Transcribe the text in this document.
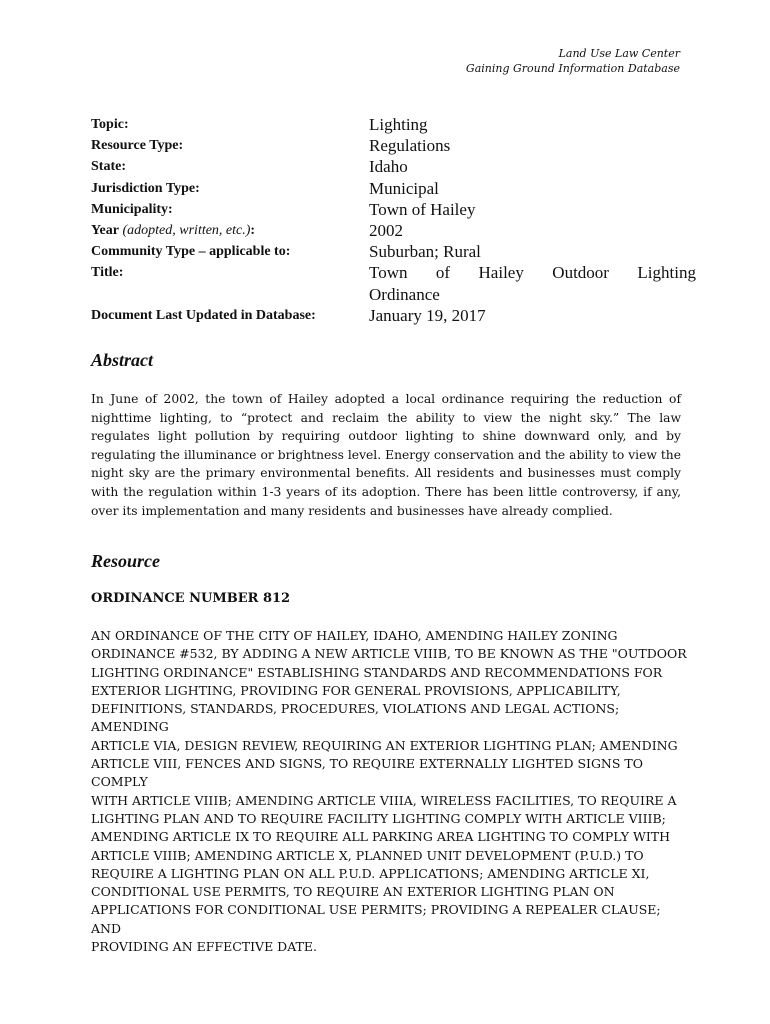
Land Use Law Center
Gaining Ground Information Database
Topic:	Lighting
Resource Type:	Regulations
State:	Idaho
Jurisdiction Type:	Municipal
Municipality:	Town of Hailey
Year (adopted, written, etc.):	2002
Community Type – applicable to:	Suburban; Rural
Title:	Town of Hailey Outdoor Lighting
Ordinance
Document Last Updated in Database:	January 19, 2017
Abstract
In June of 2002, the town of Hailey adopted a local ordinance requiring the reduction of nighttime lighting, to “protect and reclaim the ability to view the night sky.” The law regulates light pollution by requiring outdoor lighting to shine downward only, and by regulating the illuminance or brightness level. Energy conservation and the ability to view the night sky are the primary environmental benefits. All residents and businesses must comply with the regulation within 1-3 years of its adoption. There has been little controversy, if any, over its implementation and many residents and businesses have already complied.
Resource
ORDINANCE NUMBER 812
AN ORDINANCE OF THE CITY OF HAILEY, IDAHO, AMENDING HAILEY ZONING
ORDINANCE #532, BY ADDING A NEW ARTICLE VIIIB, TO BE KNOWN AS THE "OUTDOOR
LIGHTING ORDINANCE" ESTABLISHING STANDARDS AND RECOMMENDATIONS FOR
EXTERIOR LIGHTING, PROVIDING FOR GENERAL PROVISIONS, APPLICABILITY,
DEFINITIONS, STANDARDS, PROCEDURES, VIOLATIONS AND LEGAL ACTIONS; AMENDING
ARTICLE VIA, DESIGN REVIEW, REQUIRING AN EXTERIOR LIGHTING PLAN; AMENDING
ARTICLE VIII, FENCES AND SIGNS, TO REQUIRE EXTERNALLY LIGHTED SIGNS TO COMPLY
WITH ARTICLE VIIIB; AMENDING ARTICLE VIIIA, WIRELESS FACILITIES, TO REQUIRE A
LIGHTING PLAN AND TO REQUIRE FACILITY LIGHTING COMPLY WITH ARTICLE VIIIB;
AMENDING ARTICLE IX TO REQUIRE ALL PARKING AREA LIGHTING TO COMPLY WITH
ARTICLE VIIIB; AMENDING ARTICLE X, PLANNED UNIT DEVELOPMENT (P.U.D.) TO
REQUIRE A LIGHTING PLAN ON ALL P.U.D. APPLICATIONS; AMENDING ARTICLE XI,
CONDITIONAL USE PERMITS, TO REQUIRE AN EXTERIOR LIGHTING PLAN ON
APPLICATIONS FOR CONDITIONAL USE PERMITS; PROVIDING A REPEALER CLAUSE; AND
PROVIDING AN EFFECTIVE DATE.
